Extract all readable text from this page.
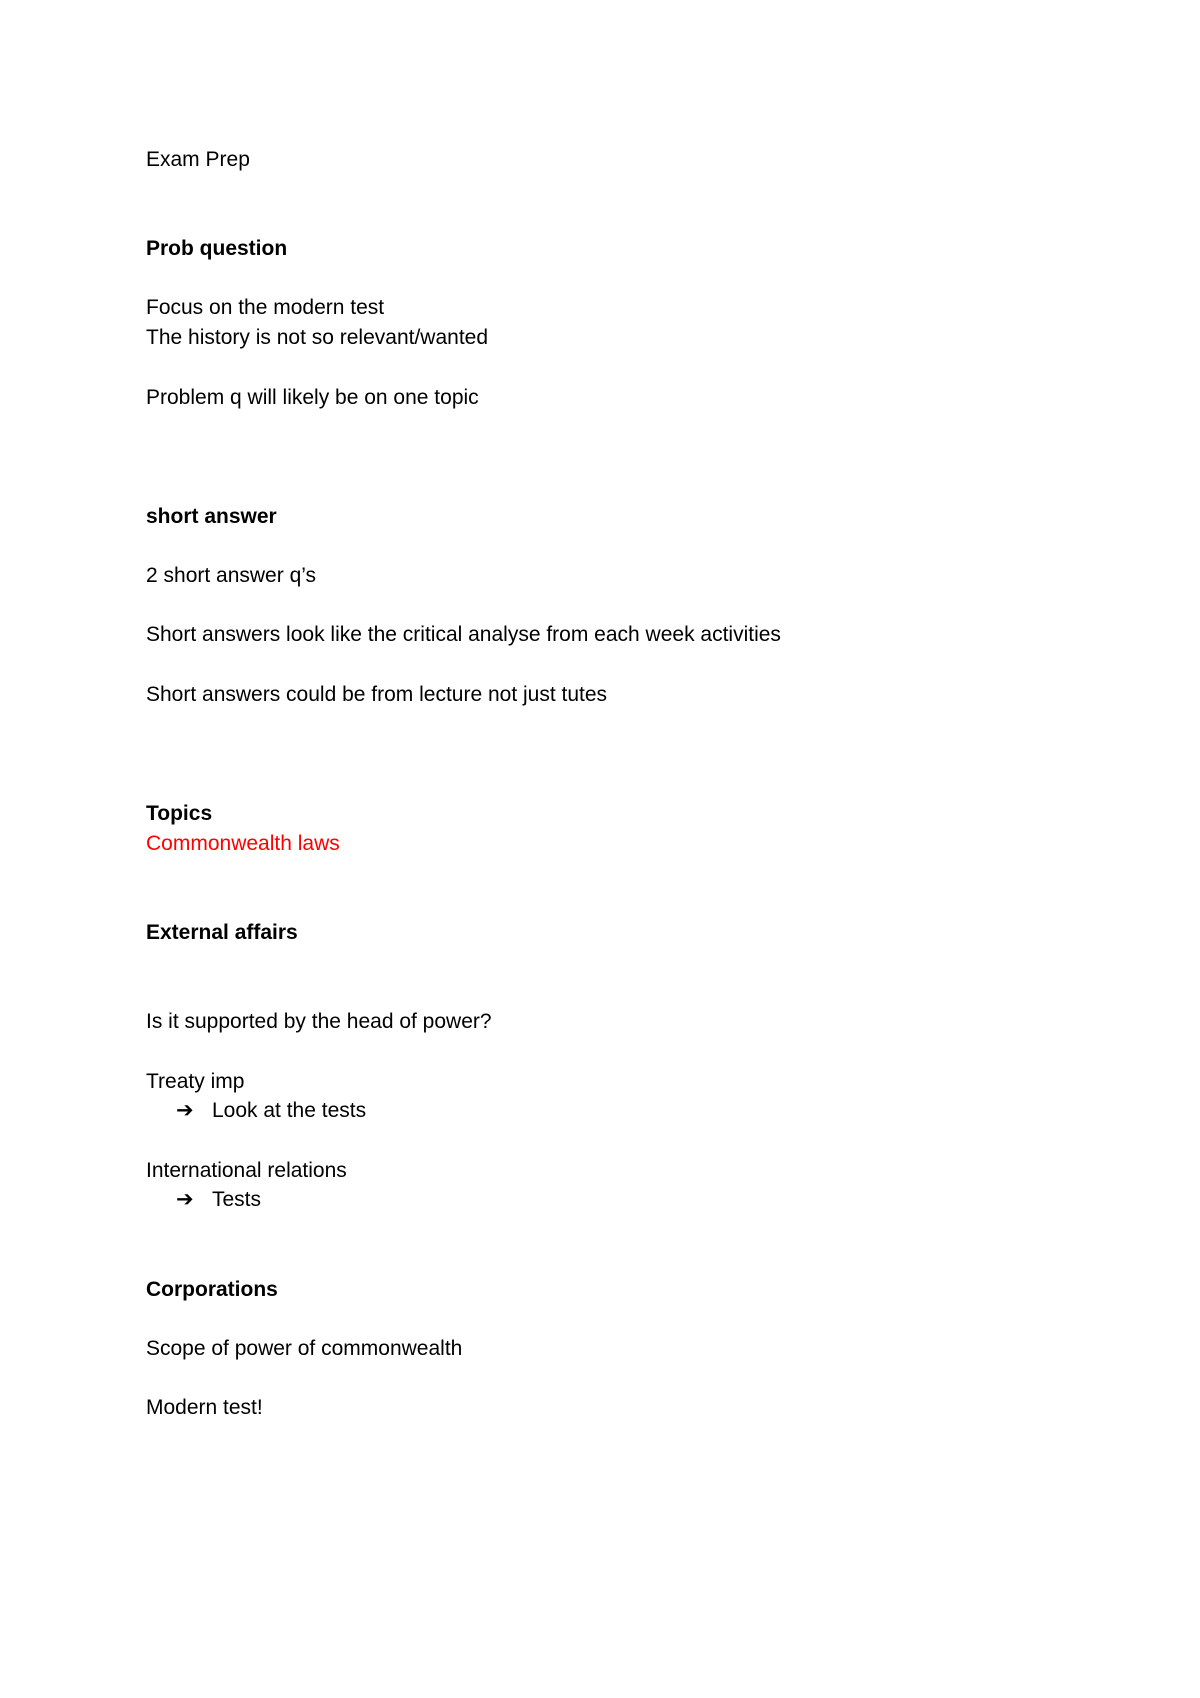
Exam Prep
Prob question
Focus on the modern test
The history is not so relevant/wanted
Problem q will likely be on one topic
short answer
2 short answer q’s
Short answers look like the critical analyse from each week activities
Short answers could be from lecture not just tutes
Topics
Commonwealth laws
External affairs
Is it supported by the head of power?
Treaty imp
➔ Look at the tests
International relations
➔ Tests
Corporations
Scope of power of commonwealth
Modern test!
